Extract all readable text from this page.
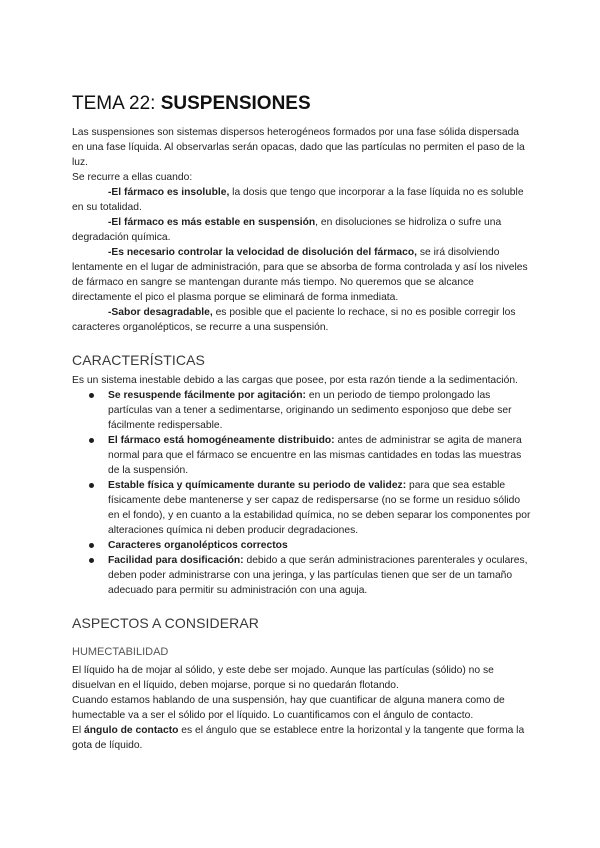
TEMA 22: SUSPENSIONES

Las suspensiones son sistemas dispersos heterogéneos formados por una fase sólida dispersada en una fase líquida. Al observarlas serán opacas, dado que las partículas no permiten el paso de la luz.

Se recurre a ellas cuando:

-El fármaco es insoluble, la dosis que tengo que incorporar a la fase líquida no es soluble en su totalidad.

-El fármaco es más estable en suspensión, en disoluciones se hidroliza o sufre una degradación química.

-Es necesario controlar la velocidad de disolución del fármaco, se irá disolviendo lentamente en el lugar de administración, para que se absorba de forma controlada y así los niveles de fármaco en sangre se mantengan durante más tiempo. No queremos que se alcance directamente el pico el plasma porque se eliminará de forma inmediata.

-Sabor desagradable, es posible que el paciente lo rechace, si no es posible corregir los caracteres organolépticos, se recurre a una suspensión.

CARACTERÍSTICAS

Es un sistema inestable debido a las cargas que posee, por esta razón tiende a la sedimentación.

Se resuspende fácilmente por agitación: en un periodo de tiempo prolongado las partículas van a tener a sedimentarse, originando un sedimento esponjoso que debe ser fácilmente redispersable.
El fármaco está homogéneamente distribuido: antes de administrar se agita de manera normal para que el fármaco se encuentre en las mismas cantidades en todas las muestras de la suspensión.
Estable física y químicamente durante su periodo de validez: para que sea estable físicamente debe mantenerse y ser capaz de redispersarse (no se forme un residuo sólido en el fondo), y en cuanto a la estabilidad química, no se deben separar los componentes por alteraciones química ni deben producir degradaciones.
Caracteres organolépticos correctos
Facilidad para dosificación: debido a que serán administraciones parenterales y oculares, deben poder administrarse con una jeringa, y las partículas tienen que ser de un tamaño adecuado para permitir su administración con una aguja.
ASPECTOS A CONSIDERAR
HUMECTABILIDAD

El líquido ha de mojar al sólido, y este debe ser mojado. Aunque las partículas (sólido) no se disuelvan en el líquido, deben mojarse, porque si no quedarán flotando.

Cuando estamos hablando de una suspensión, hay que cuantificar de alguna manera como de humectable va a ser el sólido por el líquido. Lo cuantificamos con el ángulo de contacto.

El ángulo de contacto es el ángulo que se establece entre la horizontal y la tangente que forma la gota de líquido.
